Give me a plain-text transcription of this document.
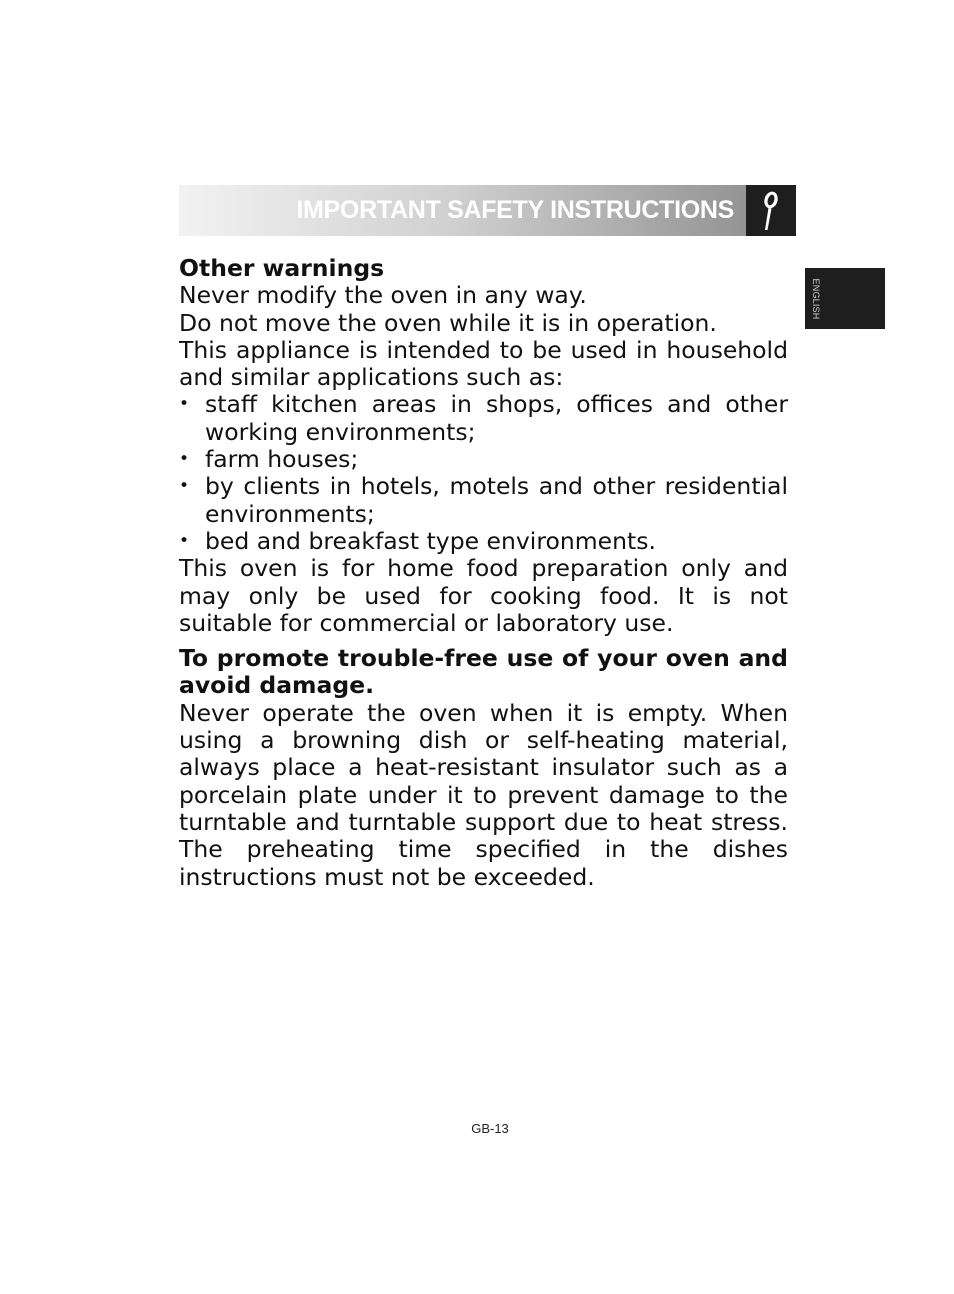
IMPORTANT SAFETY INSTRUCTIONS
ENGLISH

Other warnings

Never modify the oven in any way.

Do not move the oven while it is in operation.

This appliance is intended to be used in household and similar applications such as:

• staff kitchen areas in shops, offices and other working environments;
• farm houses;
• by clients in hotels, motels and other residential environments;
• bed and breakfast type environments.

This oven is for home food preparation only and may only be used for cooking food. It is not suitable for commercial or laboratory use.

To promote trouble-free use of your oven and avoid damage.

Never operate the oven when it is empty. When using a browning dish or self-heating material, always place a heat-resistant insulator such as a porcelain plate under it to prevent damage to the turntable and turntable support due to heat stress. The preheating time specified in the dishes instructions must not be exceeded.

GB-13
